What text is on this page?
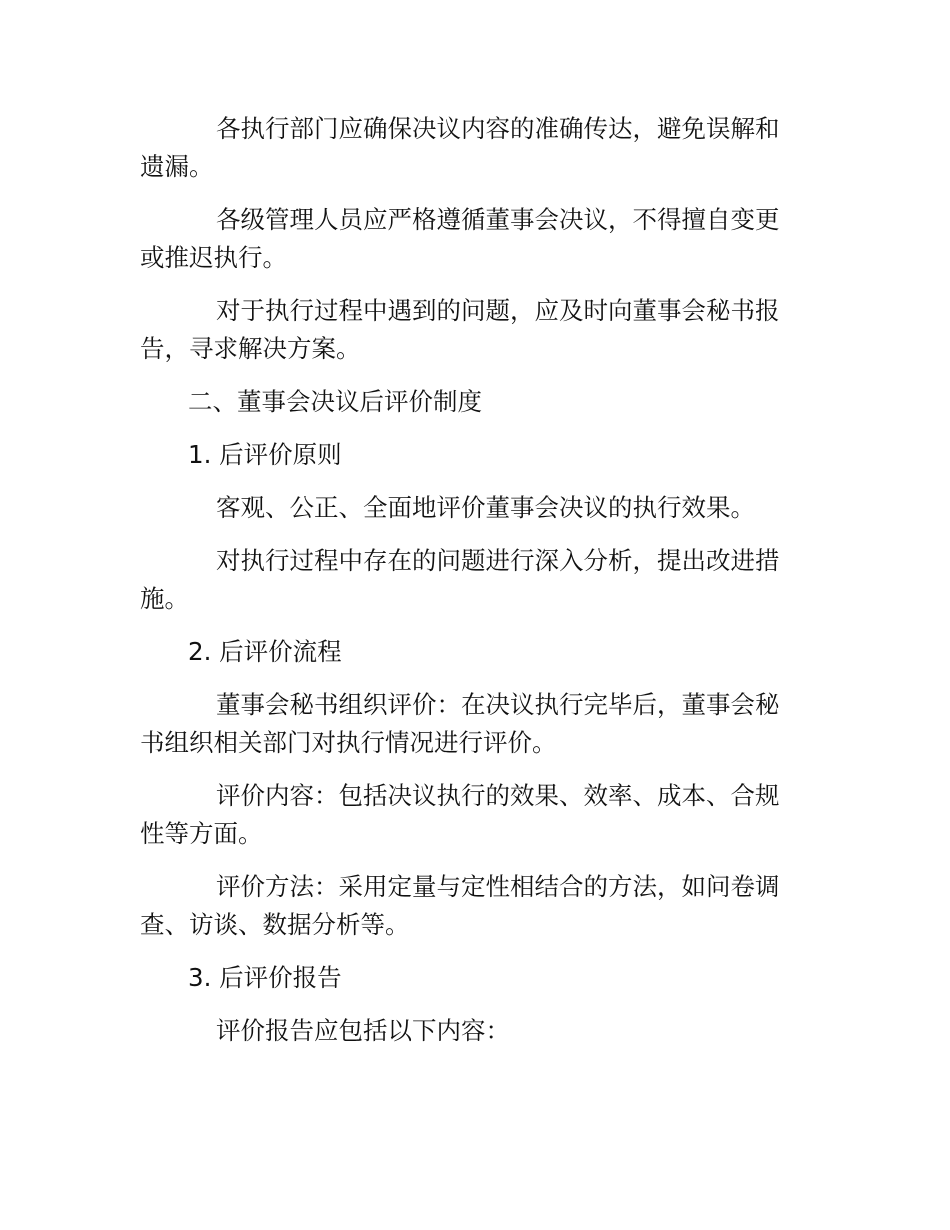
各执行部门应确保决议内容的准确传达，避免误解和遗漏。

各级管理人员应严格遵循董事会决议，不得擅自变更或推迟执行。

对于执行过程中遇到的问题，应及时向董事会秘书报告，寻求解决方案。

二、董事会决议后评价制度

1. 后评价原则

客观、公正、全面地评价董事会决议的执行效果。

对执行过程中存在的问题进行深入分析，提出改进措施。

2. 后评价流程

董事会秘书组织评价：在决议执行完毕后，董事会秘书组织相关部门对执行情况进行评价。

评价内容：包括决议执行的效果、效率、成本、合规性等方面。

评价方法：采用定量与定性相结合的方法，如问卷调查、访谈、数据分析等。

3. 后评价报告

评价报告应包括以下内容：
